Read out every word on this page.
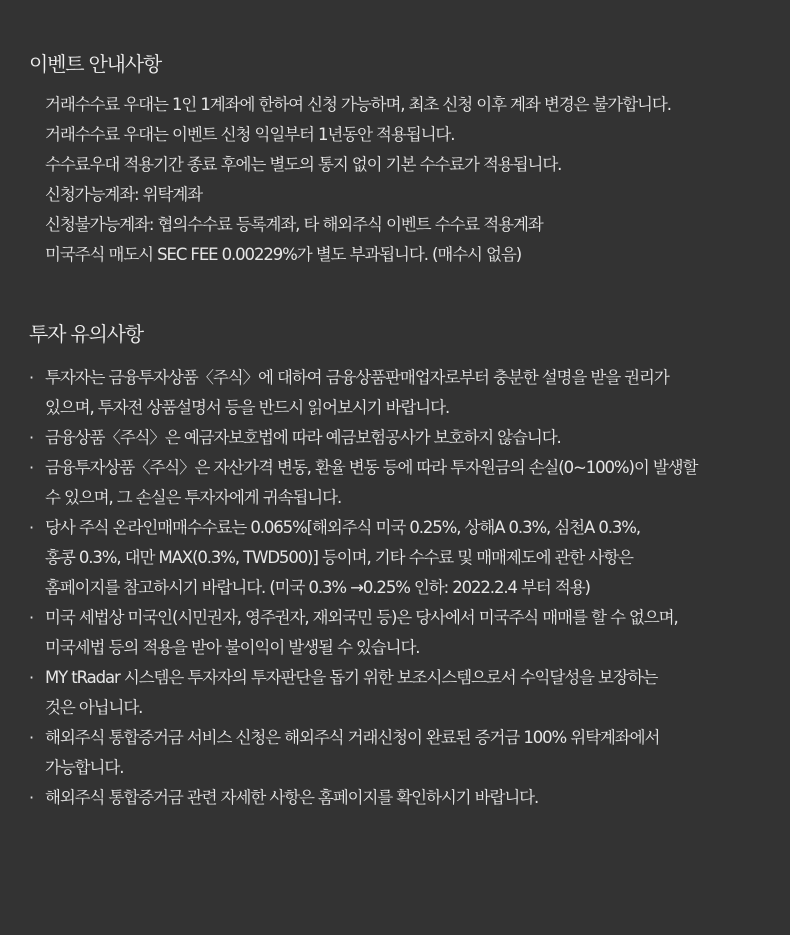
이벤트 안내사항
거래수수료 우대는 1인 1계좌에 한하여 신청 가능하며, 최초 신청 이후 계좌 변경은 불가합니다.
거래수수료 우대는 이벤트 신청 익일부터 1년동안 적용됩니다.
수수료우대 적용기간 종료 후에는 별도의 통지 없이 기본 수수료가 적용됩니다.
신청가능계좌: 위탁계좌
신청불가능계좌: 협의수수료 등록계좌, 타 해외주식 이벤트 수수료 적용계좌
미국주식 매도시 SEC FEE 0.00229%가 별도 부과됩니다. (매수시 없음)
투자 유의사항
· 투자자는 금융투자상품〈주식〉에 대하여 금융상품판매업자로부터 충분한 설명을 받을 권리가
있으며, 투자전 상품설명서 등을 반드시 읽어보시기 바랍니다.
· 금융상품〈주식〉은 예금자보호법에 따라 예금보험공사가 보호하지 않습니다.
· 금융투자상품〈주식〉은 자산가격 변동, 환율 변동 등에 따라 투자원금의 손실(0~100%)이 발생할
수 있으며, 그 손실은 투자자에게 귀속됩니다.
· 당사 주식 온라인매매수수료는 0.065%[해외주식 미국 0.25%, 상해A 0.3%, 심천A 0.3%,
홍콩 0.3%, 대만 MAX(0.3%, TWD500)] 등이며, 기타 수수료 및 매매제도에 관한 사항은
홈페이지를 참고하시기 바랍니다. (미국 0.3% →0.25% 인하: 2022.2.4 부터 적용)
· 미국 세법상 미국인(시민권자, 영주권자, 재외국민 등)은 당사에서 미국주식 매매를 할 수 없으며,
미국세법 등의 적용을 받아 불이익이 발생될 수 있습니다.
· MY tRadar 시스템은 투자자의 투자판단을 돕기 위한 보조시스템으로서 수익달성을 보장하는
것은 아닙니다.
· 해외주식 통합증거금 서비스 신청은 해외주식 거래신청이 완료된 증거금 100% 위탁계좌에서
가능합니다.
· 해외주식 통합증거금 관련 자세한 사항은 홈페이지를 확인하시기 바랍니다.
